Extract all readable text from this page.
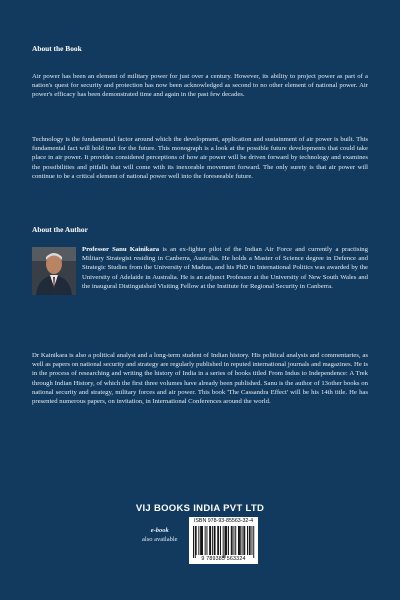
About the Book

Air power has been an element of military power for just over a century. However, its ability to project power as part of a nation's quest for security and protection has now been acknowledged as second to no other element of national power. Air power's efficacy has been demonstrated time and again in the past few decades.

Technology is the fundamental factor around which the development, application and sustainment of air power is built. This fundamental fact will hold true for the future. This monograph is a look at the possible future developments that could take place in air power. It provides considered perceptions of how air power will be driven forward by technology and examines the possibilities and pitfalls that will come with its inexorable movement forward. The only surety is that air power will continue to be a critical element of national power well into the foreseeable future.

About the Author

Professor Sanu Kainikara is an ex-fighter pilot of the Indian Air Force and currently a practising Military Strategist residing in Canberra, Australia. He holds a Master of Science degree in Defence and Strategic Studies from the University of Madras, and his PhD in International Politics was awarded by the University of Adelaide in Australia. He is an adjunct Professor at the University of New South Wales and the inaugural Distinguished Visiting Fellow at the Institute for Regional Security in Canberra.

Dr Kainikara is also a political analyst and a long-term student of Indian history. His political analysis and commentaries, as well as papers on national security and strategy are regularly published in reputed international journals and magazines. He is in the process of researching and writing the history of India in a series of books titled From Indus to Independence: A Trek through Indian History, of which the first three volumes have already been published. Sanu is the author of 13other books on national security and strategy, military forces and air power. This book 'The Cassandra Effect' will be his 14th title. He has presented numerous papers, on invitation, in International Conferences around the world.

VIJ BOOKS INDIA PVT LTD
e-book
also available
ISBN 978-93-85563-32-4
9 789385 563324
